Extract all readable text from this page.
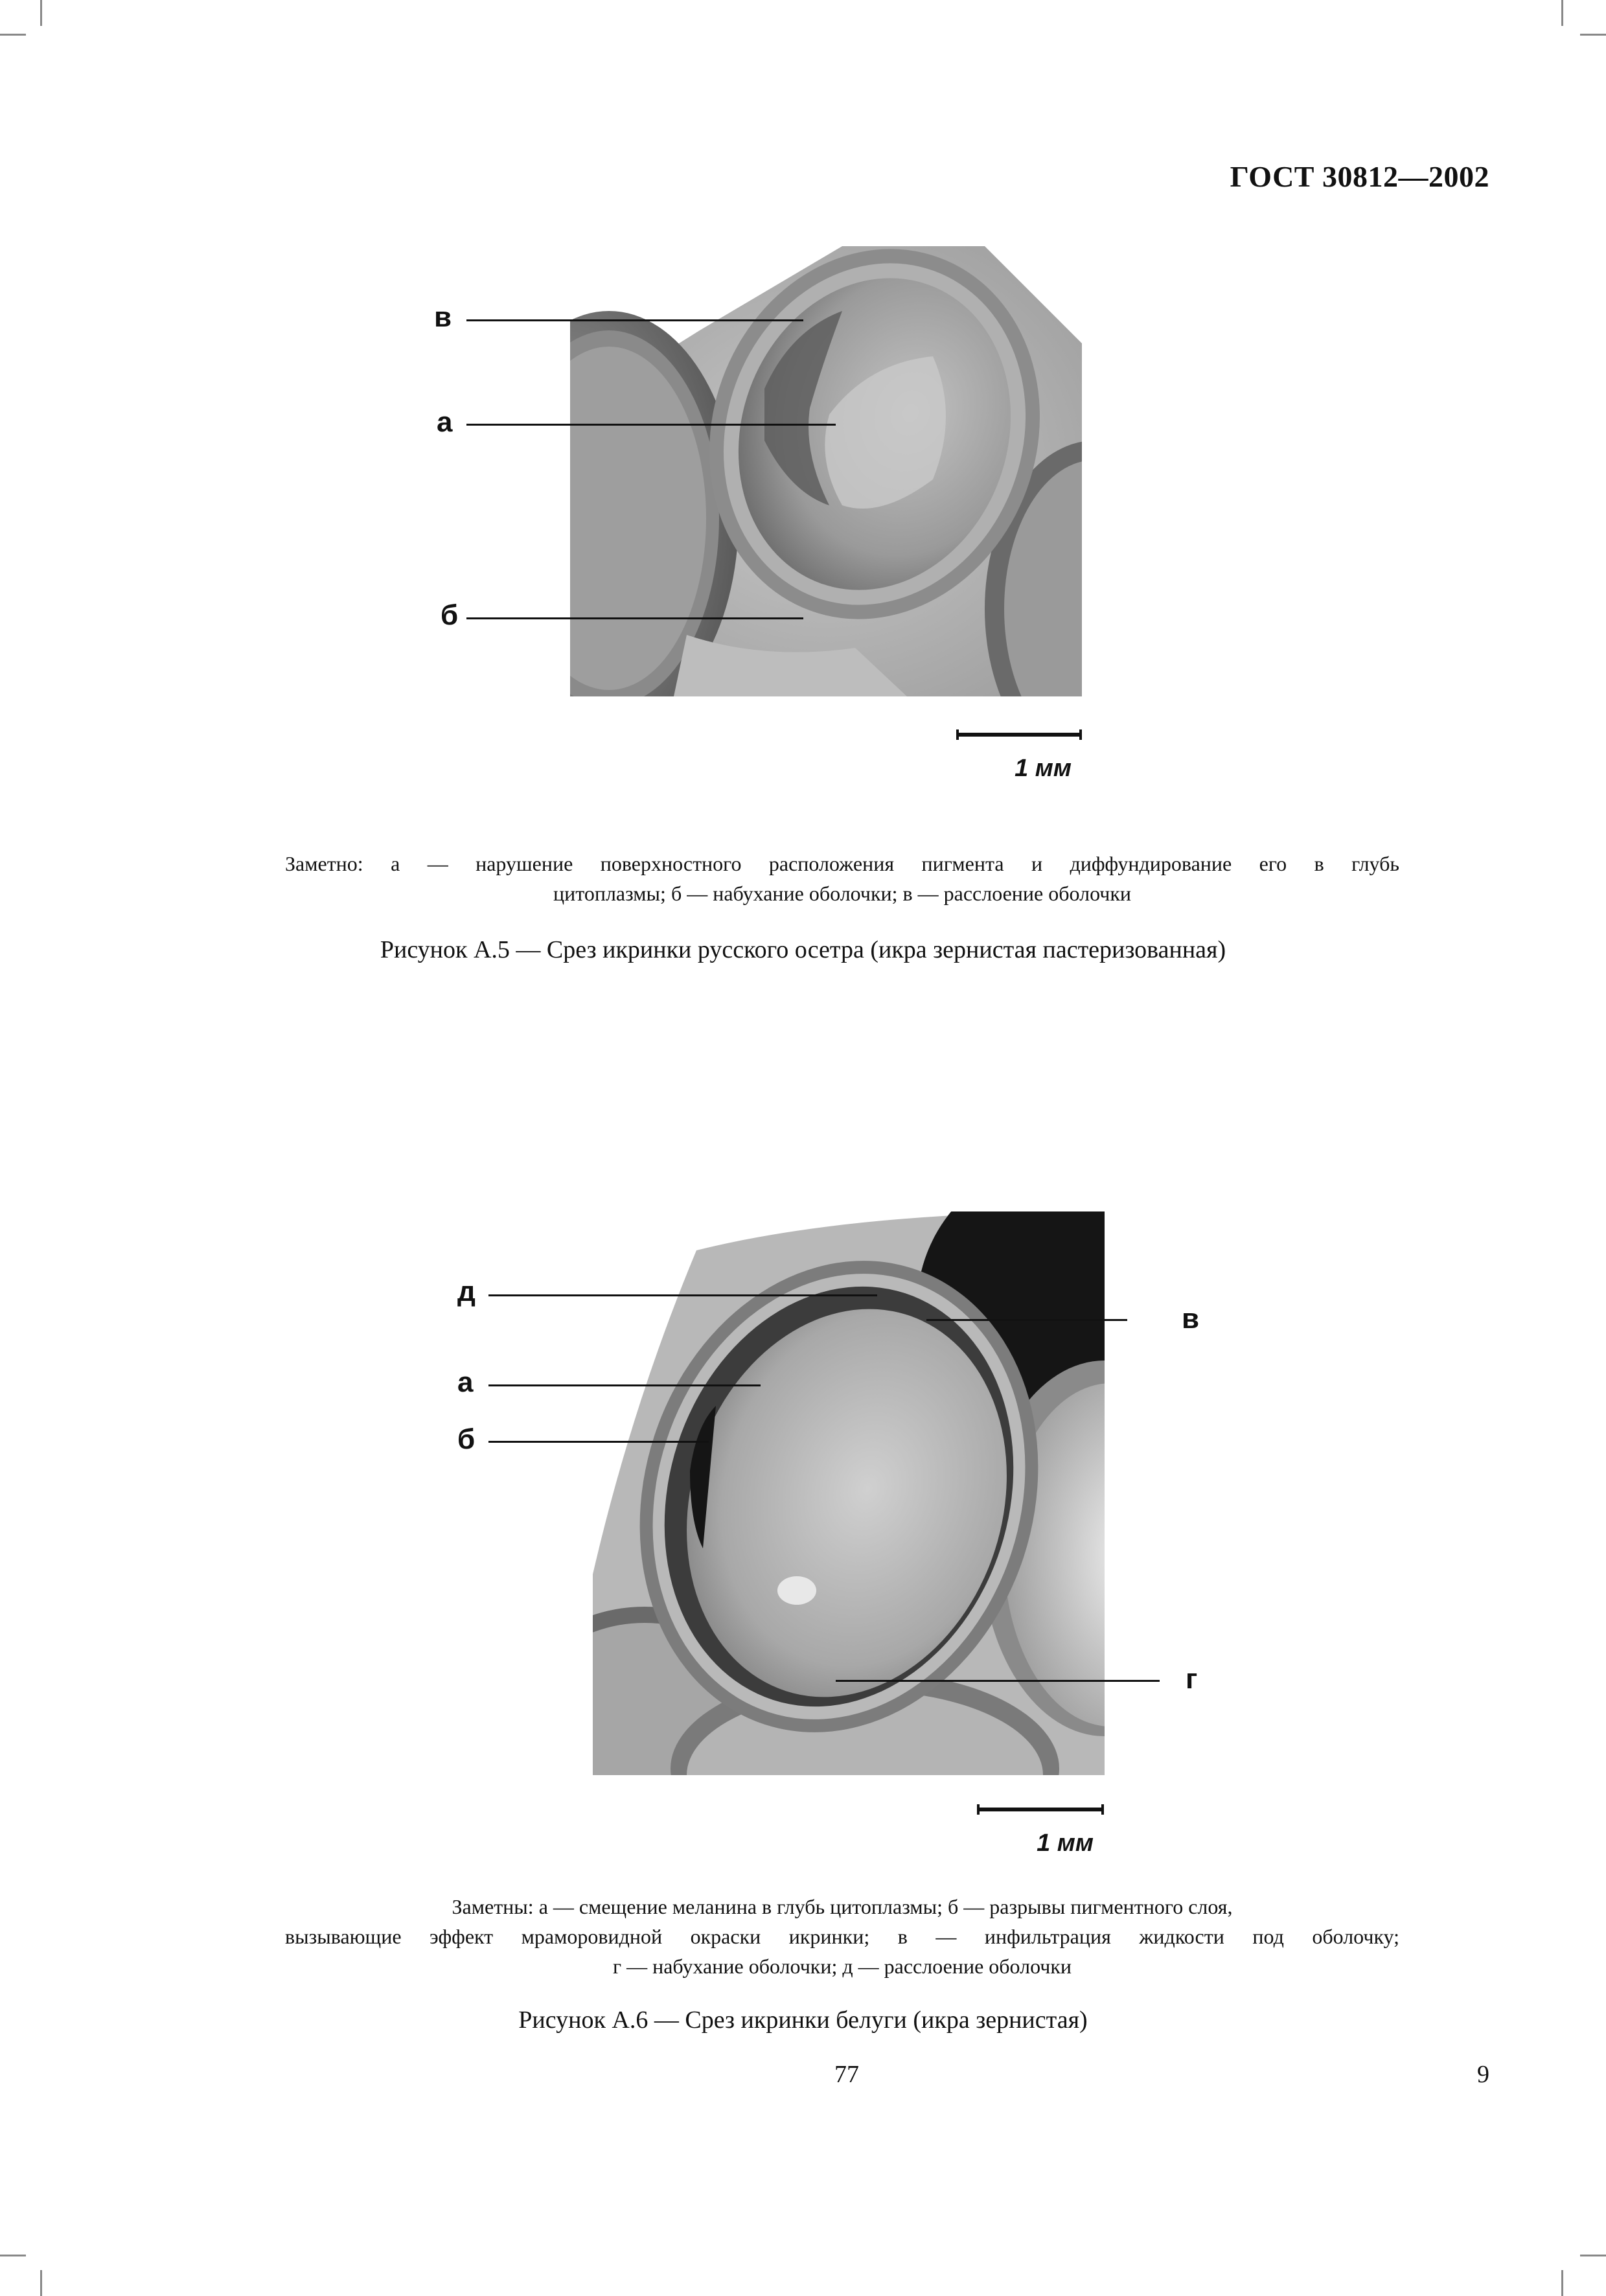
ГОСТ 30812—2002
в
а
б
1 мм
Заметно: а — нарушение поверхностного расположения пигмента и диффундирование его в глубь
цитоплазмы; б — набухание оболочки; в — расслоение оболочки
Рисунок А.5 — Срез икринки русского осетра (икра зернистая пастеризованная)
д
а
б
в
г
1 мм
Заметны: а — смещение меланина в глубь цитоплазмы; б — разрывы пигментного слоя,
вызывающие эффект мраморовидной окраски икринки; в — инфильтрация жидкости под оболочку;
г — набухание оболочки; д — расслоение оболочки
Рисунок А.6 — Срез икринки белуги (икра зернистая)
77	9
